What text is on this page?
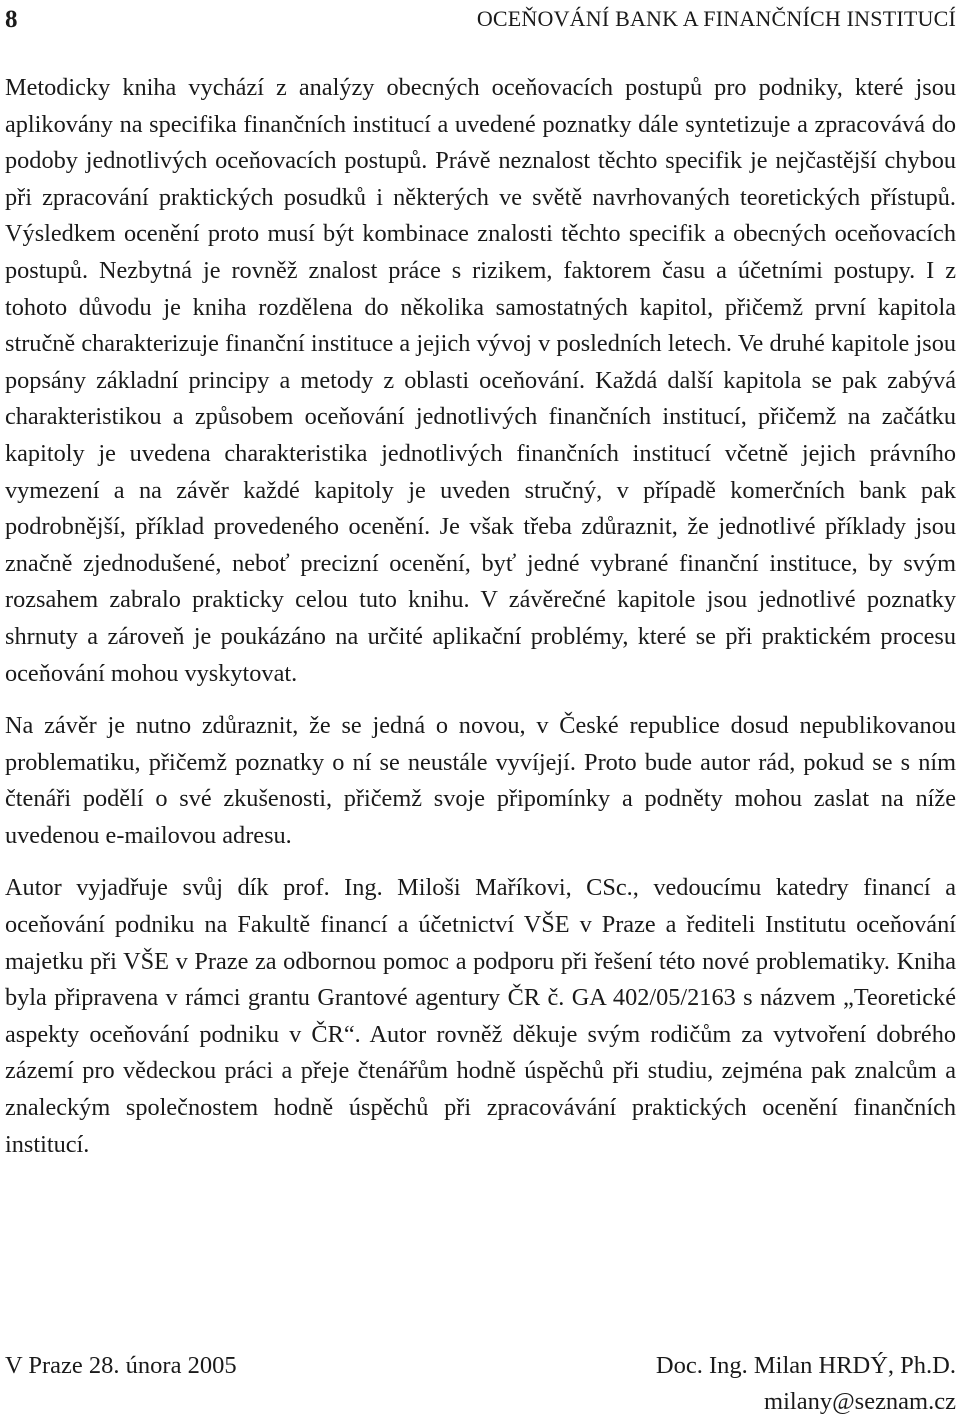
8	OCEŇOVÁNÍ BANK A FINANČNÍCH INSTITUCÍ

Metodicky kniha vychází z analýzy obecných oceňovacích postupů pro podniky, které jsou aplikovány na specifika finančních institucí a uvedené poznatky dále syntetizuje a zpracovává do podoby jednotlivých oceňovacích postupů. Právě neznalost těchto specifik je nejčastější chybou při zpracování praktických posudků i některých ve světě navrhovaných teoretických přístupů. Výsledkem ocenění proto musí být kombinace znalosti těchto specifik a obecných oceňovacích postupů. Nezbytná je rovněž znalost práce s rizikem, faktorem času a účetními postupy. I z tohoto důvodu je kniha rozdělena do několika samostatných kapitol, přičemž první kapitola stručně charakterizuje finanční instituce a jejich vývoj v posledních letech. Ve druhé kapitole jsou popsány základní principy a metody z oblasti oceňování. Každá další kapitola se pak zabývá charakteristikou a způsobem oceňování jednotlivých finančních institucí, přičemž na začátku kapitoly je uvedena charakteristika jednotlivých finančních institucí včetně jejich právního vymezení a na závěr každé kapitoly je uveden stručný, v případě komerčních bank pak podrobnější, příklad provedeného ocenění. Je však třeba zdůraznit, že jednotlivé příklady jsou značně zjednodušené, neboť precizní ocenění, byť jedné vybrané finanční instituce, by svým rozsahem zabralo prakticky celou tuto knihu. V závěrečné kapitole jsou jednotlivé poznatky shrnuty a zároveň je poukázáno na určité aplikační problémy, které se při praktickém procesu oceňování mohou vyskytovat.

Na závěr je nutno zdůraznit, že se jedná o novou, v České republice dosud nepublikovanou problematiku, přičemž poznatky o ní se neustále vyvíjejí. Proto bude autor rád, pokud se s ním čtenáři podělí o své zkušenosti, přičemž svoje připomínky a podněty mohou zaslat na níže uvedenou e-mailovou adresu.

Autor vyjadřuje svůj dík prof. Ing. Miloši Maříkovi, CSc., vedoucímu katedry financí a oceňování podniku na Fakultě financí a účetnictví VŠE v Praze a řediteli Institutu oceňování majetku při VŠE v Praze za odbornou pomoc a podporu při řešení této nové problematiky. Kniha byla připravena v rámci grantu Grantové agentury ČR č. GA 402/05/2163 s názvem „Teoretické aspekty oceňování podniku v ČR“. Autor rovněž děkuje svým rodičům za vytvoření dobrého zázemí pro vědeckou práci a přeje čtenářům hodně úspěchů při studiu, zejména pak znalcům a znaleckým společnostem hodně úspěchů při zpracovávání praktických ocenění finančních institucí.

V Praze 28. února 2005	Doc. Ing. Milan HRDÝ, Ph.D.
milany@seznam.cz
